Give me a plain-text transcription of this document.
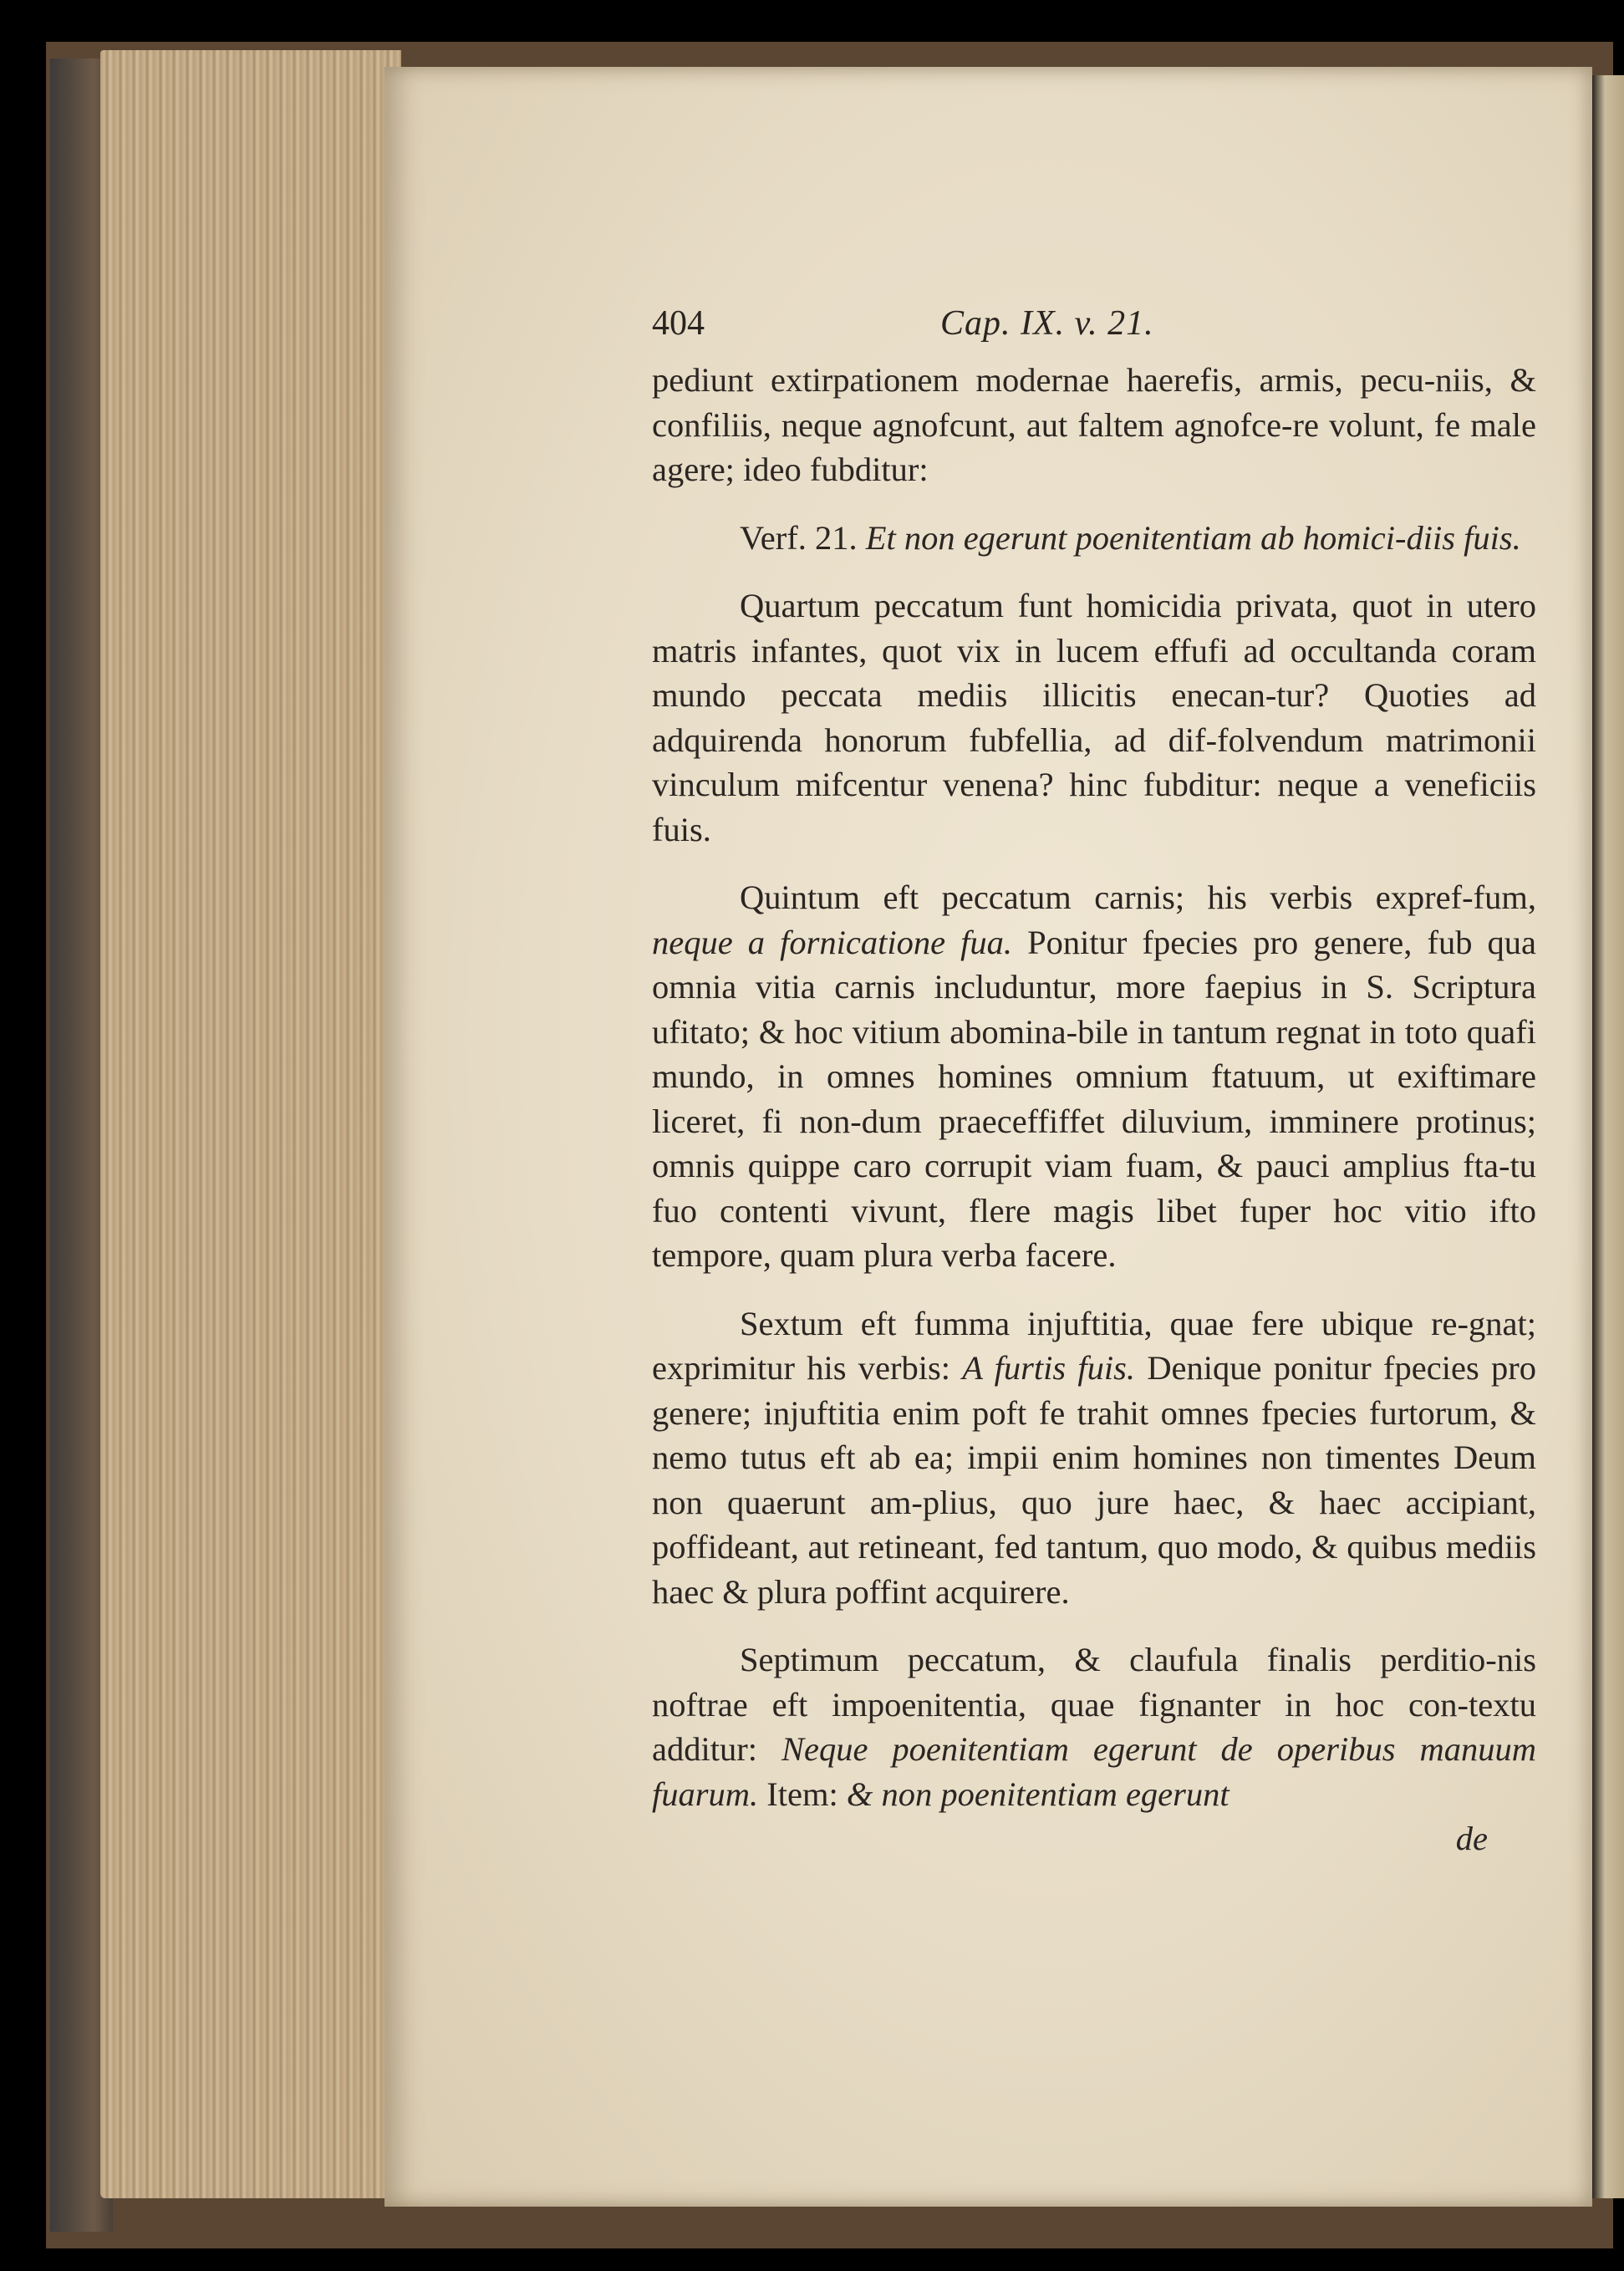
404	Cap. IX. v. 21.

pediunt extirpationem modernae haerefis, armis, pecu-niis, & confiliis, neque agnofcunt, aut faltem agnofce-re volunt, fe male agere; ideo fubditur:

Verf. 21. Et non egerunt poenitentiam ab homici-diis fuis.

Quartum peccatum funt homicidia privata, quot in utero matris infantes, quot vix in lucem effufi ad occultanda coram mundo peccata mediis illicitis enecan-tur? Quoties ad adquirenda honorum fubfellia, ad dif-folvendum matrimonii vinculum mifcentur venena? hinc fubditur: neque a veneficiis fuis.

Quintum eft peccatum carnis; his verbis expref-fum, neque a fornicatione fua. Ponitur fpecies pro genere, fub qua omnia vitia carnis includuntur, more faepius in S. Scriptura ufitato; & hoc vitium abomina-bile in tantum regnat in toto quafi mundo, in omnes homines omnium ftatuum, ut exiftimare liceret, fi non-dum praeceffiffet diluvium, imminere protinus; omnis quippe caro corrupit viam fuam, & pauci amplius fta-tu fuo contenti vivunt, flere magis libet fuper hoc vitio ifto tempore, quam plura verba facere.

Sextum eft fumma injuftitia, quae fere ubique re-gnat; exprimitur his verbis: A furtis fuis. Denique ponitur fpecies pro genere; injuftitia enim poft fe trahit omnes fpecies furtorum, & nemo tutus eft ab ea; impii enim homines non timentes Deum non quaerunt am-plius, quo jure haec, & haec accipiant, poffideant, aut retineant, fed tantum, quo modo, & quibus mediis haec & plura poffint acquirere.

Septimum peccatum, & claufula finalis perditio-nis noftrae eft impoenitentia, quae fignanter in hoc con-textu additur: Neque poenitentiam egerunt de operibus manuum fuarum. Item: & non poenitentiam egerunt

de
